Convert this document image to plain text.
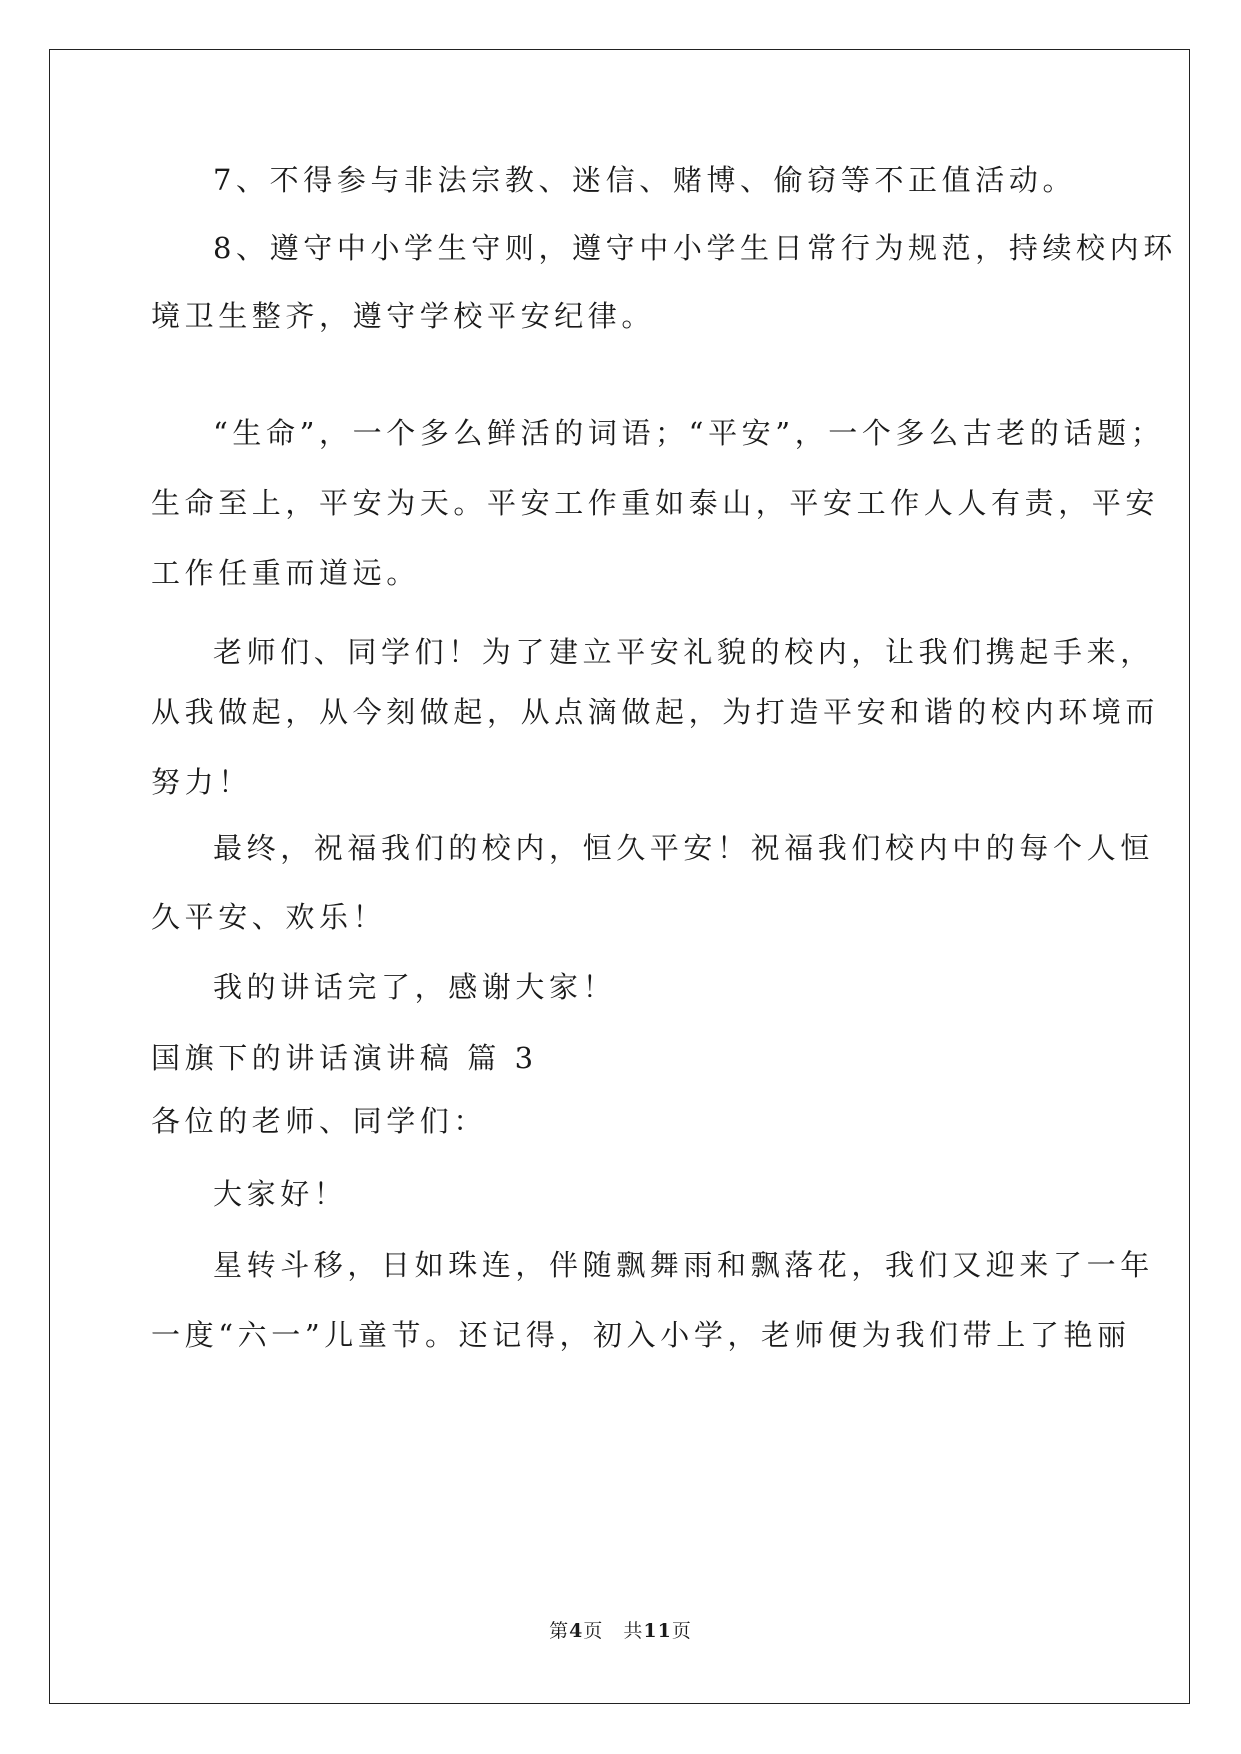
7、不得参与非法宗教、迷信、赌博、偷窃等不正值活动。
8、遵守中小学生守则，遵守中小学生日常行为规范，持续校内环
境卫生整齐，遵守学校平安纪律。
“生命”，一个多么鲜活的词语；“平安”，一个多么古老的话题；
生命至上，平安为天。平安工作重如泰山，平安工作人人有责，平安
工作任重而道远。
老师们、同学们！为了建立平安礼貌的校内，让我们携起手来，
从我做起，从今刻做起，从点滴做起，为打造平安和谐的校内环境而
努力！
最终，祝福我们的校内，恒久平安！祝福我们校内中的每个人恒
久平安、欢乐！
我的讲话完了，感谢大家！
国旗下的讲话演讲稿 篇 3
各位的老师、同学们：
大家好！
星转斗移，日如珠连，伴随飘舞雨和飘落花，我们又迎来了一年
一度“六一”儿童节。还记得，初入小学，老师便为我们带上了艳丽
第4页　共11页
